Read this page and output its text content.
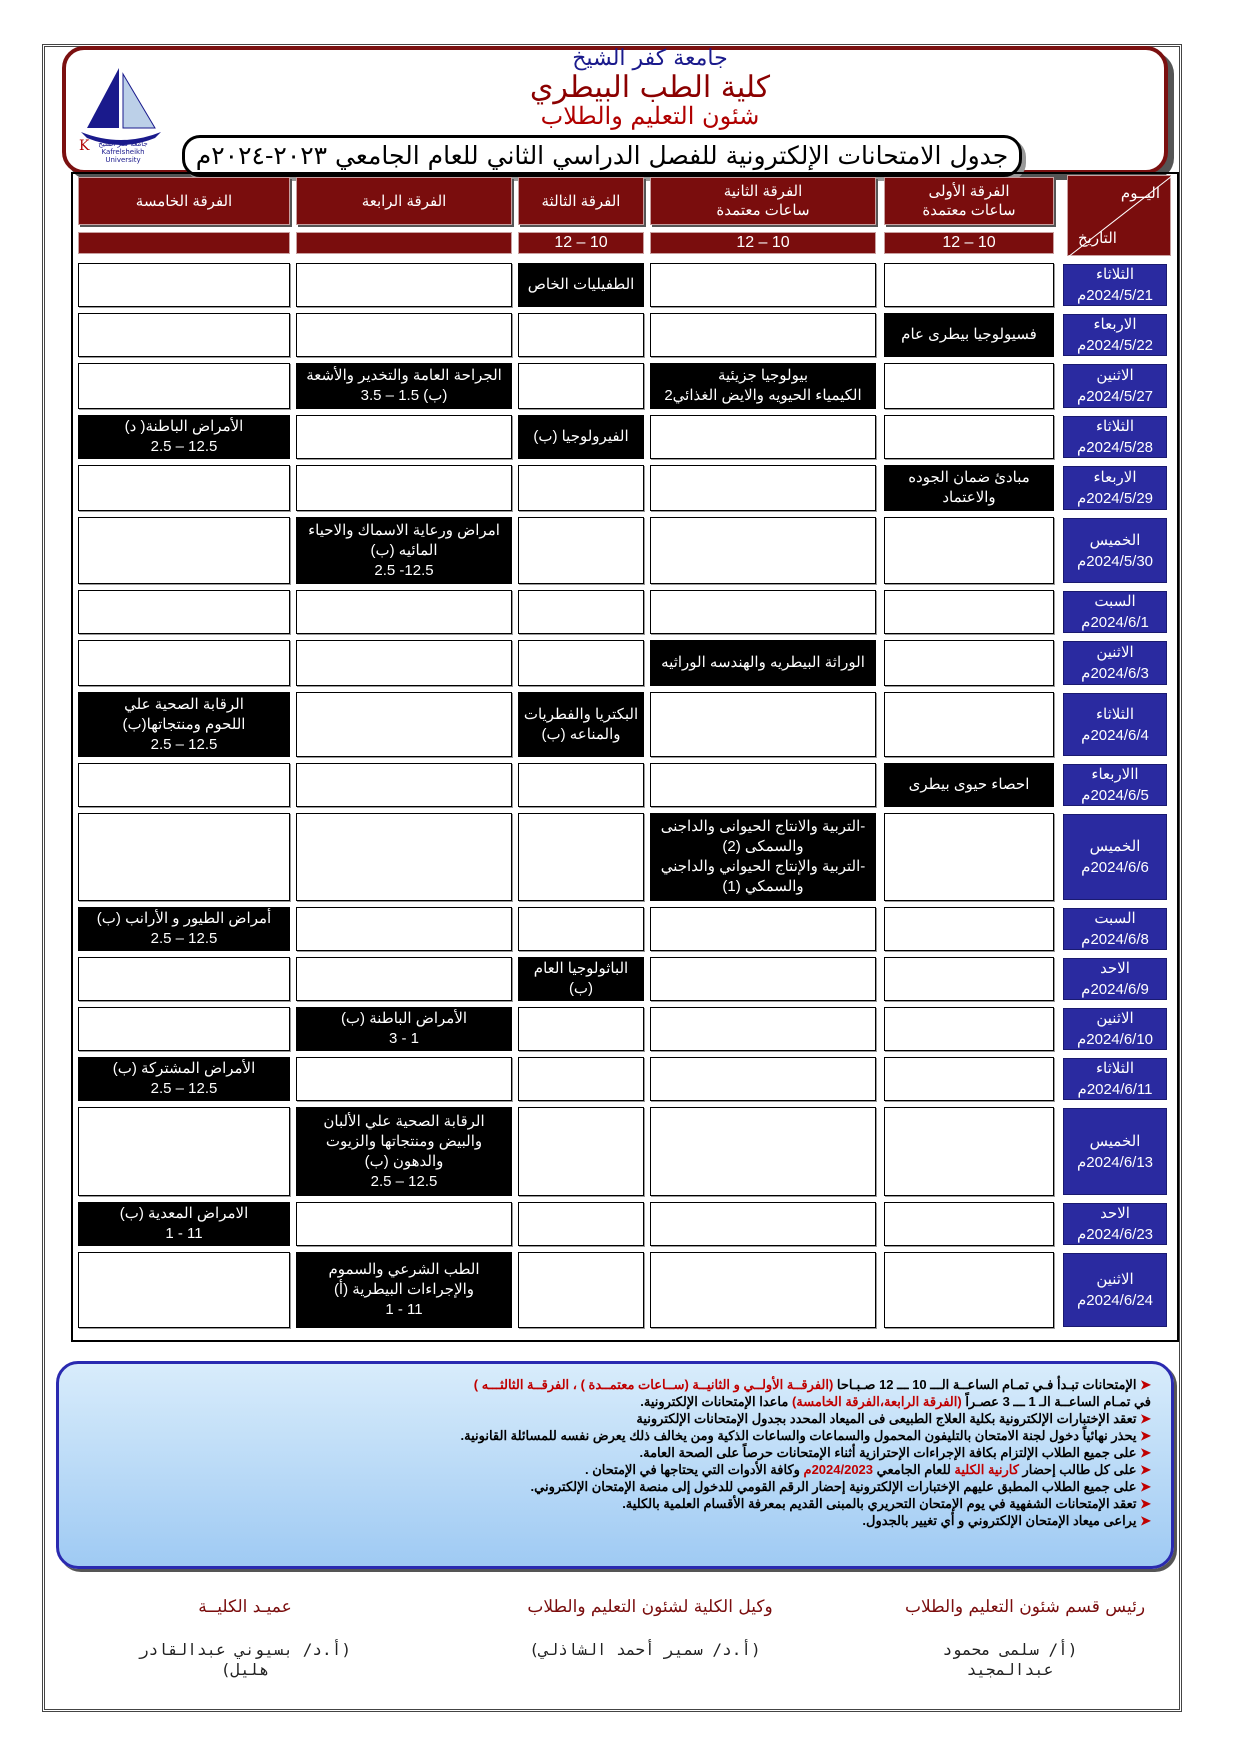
K	جامعة كفر الشيخ
Kafrelsheikh University
جامعة كفر الشيخ
كلية الطب البيطري
شئون التعليم والطلاب
جدول الامتحانات الإلكترونية للفصل الدراسي الثاني للعام الجامعي ٢٠٢٣-٢٠٢٤م
اليــوم
التاريخ
الفرقة الأولى
ساعات معتمدة
10 – 12
الفرقة الثانية
ساعات معتمدة
10 – 12
الفرقة الثالثة
10 – 12
الفرقة الرابعة
الفرقة الخامسة
الثلاثاء
2024/5/21م
الطفيليات الخاص
الاربعاء
2024/5/22م
فسيولوجيا بيطرى عام
الاثنين
2024/5/27م
بيولوجيا جزيئية
الكيمياء الحيويه والايض الغذائي2
الجراحة العامة والتخدير والأشعة
(ب) 1.5 – 3.5
الثلاثاء
2024/5/28م
الفيرولوجيا (ب)
الأمراض الباطنة( د)
12.5 – 2.5
الاربعاء
2024/5/29م
مبادئ ضمان الجوده
والاعتماد
الخميس
2024/5/30م
امراض ورعاية الاسماك والاحياء
المائيه (ب)
12.5- 2.5
السبت
2024/6/1م
الاثنين
2024/6/3م
الوراثة البيطريه والهندسه الوراثيه
الثلاثاء
2024/6/4م
البكتريا والفطريات
والمناعه (ب)
الرقابة الصحية علي
اللحوم ومنتجاتها(ب)
12.5 – 2.5
االاربعاء
2024/6/5م
احصاء حيوى بيطرى
الخميس
2024/6/6م
-التربية والانتاج الحيوانى والداجنى
والسمكى (2)
-التربية والإنتاج الحيواني والداجني
والسمكي (1)
السبت
2024/6/8م
أمراض الطيور و الأرانب (ب)
12.5 – 2.5
الاحد
2024/6/9م
الباثولوجيا العام
(ب)
الاثنين
2024/6/10م
الأمراض الباطنة (ب)
1 - 3
الثلاثاء
2024/6/11م
الأمراض المشتركة (ب)
12.5 – 2.5
الخميس
2024/6/13م
الرقابة الصحية علي الألبان
والبيض ومنتجاتها والزيوت
والدهون (ب)
12.5 – 2.5
الاحد
2024/6/23م
الامراض المعدية (ب)
11 - 1
الاثنين
2024/6/24م
الطب الشرعي والسموم
والإجراءات البيطرية (أ)
11 - 1
➤ الإمتحانات تبـدأ فـي تمـام الساعــة الـــ 10 ـــ 12 صـبـاحا (الفرقــة الأولــي و الثانيــة (ســاعات معتمــدة ) ، الفرقــة الثالثـــه )
في تمـام الساعــة الـ 1 ـــ 3 عصـراً (الفرقة الرابعة،الفرقة الخامسة) ماعدا الإمتحانات الإلكترونية.
➤ تعقد الإختبارات الإلكترونية بكلية العلاج الطبيعى فى الميعاد المحدد بجدول الإمتحانات الإلكترونية
➤ يحذر نهائياً دخول لجنة الامتحان بالتليفون المحمول والسماعات والساعات الذكية ومن يخالف ذلك يعرض نفسه للمسائلة القانونية.
➤ على جميع الطلاب الإلتزام بكافة الإجراءات الإحترازية أثناء الإمتحانات حرصاً على الصحة العامة.
➤ على كل طالب إحضار كارنية الكلية للعام الجامعي 2024/2023م وكافة الأدوات التي يحتاجها في الإمتحان .
➤ على جميع الطلاب المطبق عليهم الإختبارات الإلكترونية إحضار الرقم القومي للدخول إلى منصة الإمتحان الإلكتروني.
➤ تعقد الإمتحانات الشفهية في يوم الإمتحان التحريري بالمبنى القديم بمعرفة الأقسام العلمية بالكلية.
➤ يراعى ميعاد الإمتحان الإلكتروني و أي تغيير بالجدول.
رئيس قسم شئون التعليم والطلاب
وكيل الكلية لشئون التعليم والطلاب
عميـد الكليــة
(أ/ سلمى محمود
عبدالمجيد
(أ.د/ سمير أحمد الشاذلي)
(أ.د/ بسيوني عبدالقادر
هليل)
